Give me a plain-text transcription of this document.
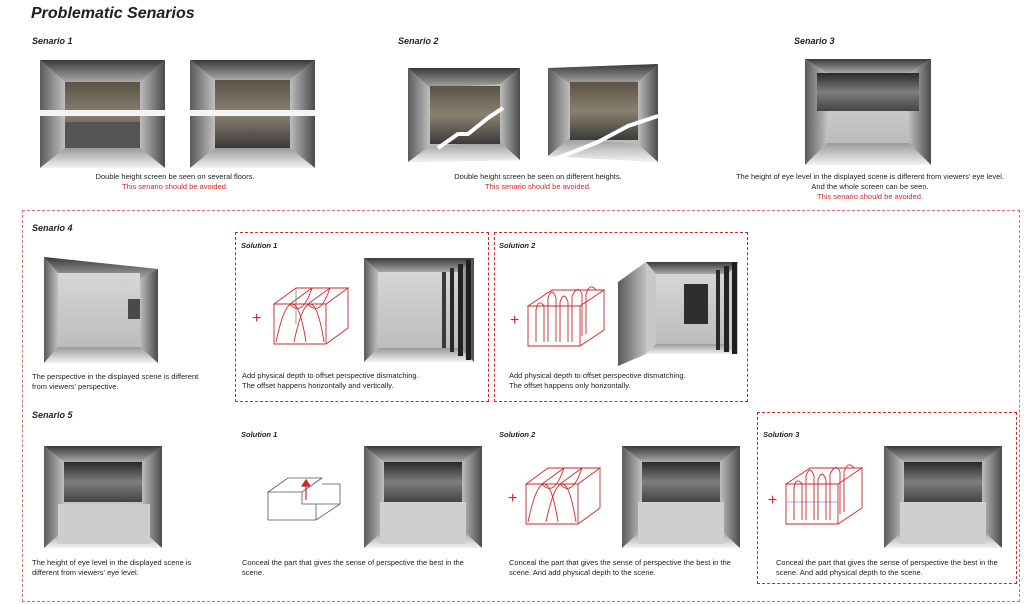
Problematic Senarios
Senario 1
Double height screen be seen on several floors.
This senario should be avoided.
Senario 2
Double height screen be seen on different heights.
This senario should be avoided.
Senario 3
The height of eye level in the displayed scene is different from viewers' eye level.
And the whole screen can be seen.
This senario should be avoided.
Senario 4
The perspective in the displayed scene is different
from viewers' perspective.
Solution 1
+
Add physical depth to offset perspective dismatching.
The offset happens horizontally and vertically.
Solution 2
+
Add physical depth to offset perspective dismatching.
The offset happens only horizontally.
Senario 5
The height of eye level in the displayed scene is
different from viewers' eye level.
Solution 1
Conceal the part that gives the sense of perspective the best in the
scene.
Solution 2
+
Conceal the part that gives the sense of perspective the best in the
scene. And add physical depth to the scene.
Solution 3
+
Conceal the part that gives the sense of perspective the best in the
scene. And add physical depth to the scene.
